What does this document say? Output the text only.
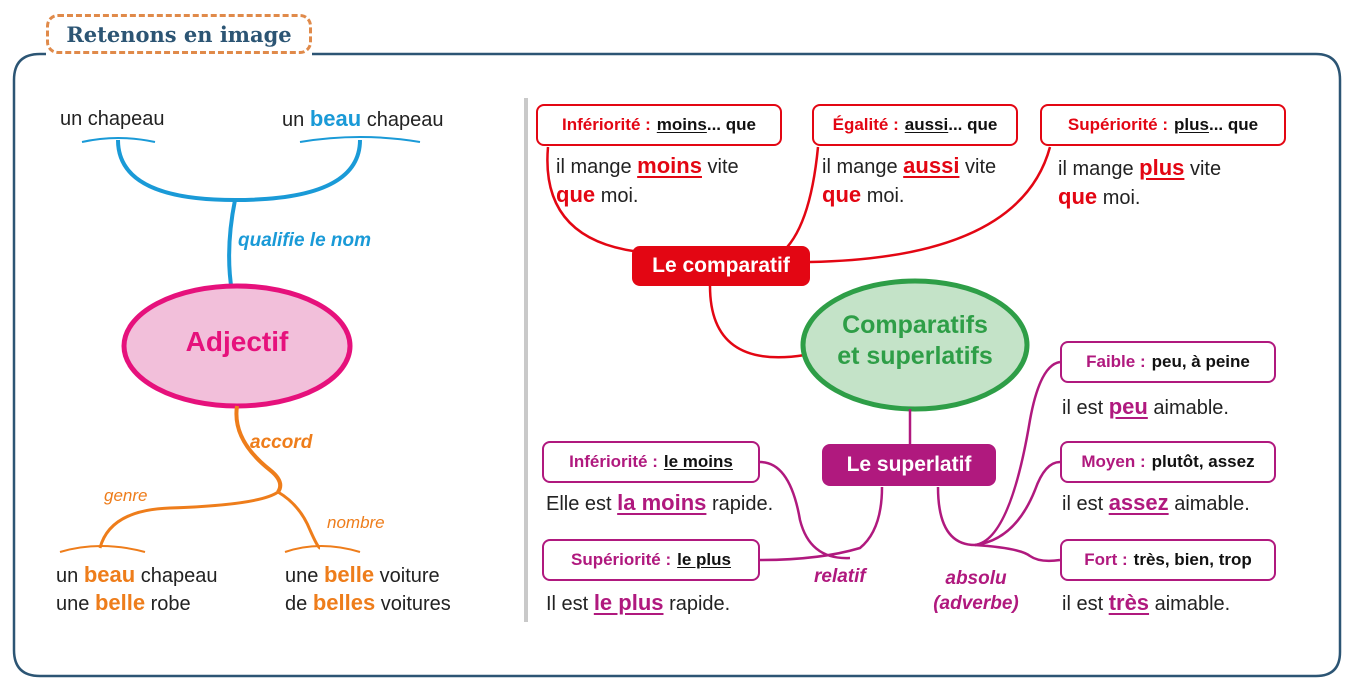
Retenons en image
un chapeau	un beau chapeau
qualifie le nom
Adjectif
accord
genre
nombre
un beau chapeau
une belle robe
une belle voiture
de belles voitures
Infériorité : moins ... que	Égalité : aussi ... que	Supériorité : plus ... que
il mange moins vite
que moi.
il mange aussi vite
que moi.
il mange plus vite
que moi.
Le comparatif
Comparatifs
et superlatifs
Le superlatif
Infériorité : le moins
Elle est la moins rapide.
Supériorité : le plus
Il est le plus rapide.
relatif	absolu
(adverbe)
Faible : peu, à peine
il est peu aimable.
Moyen : plutôt, assez
il est assez aimable.
Fort : très, bien, trop
il est très aimable.
